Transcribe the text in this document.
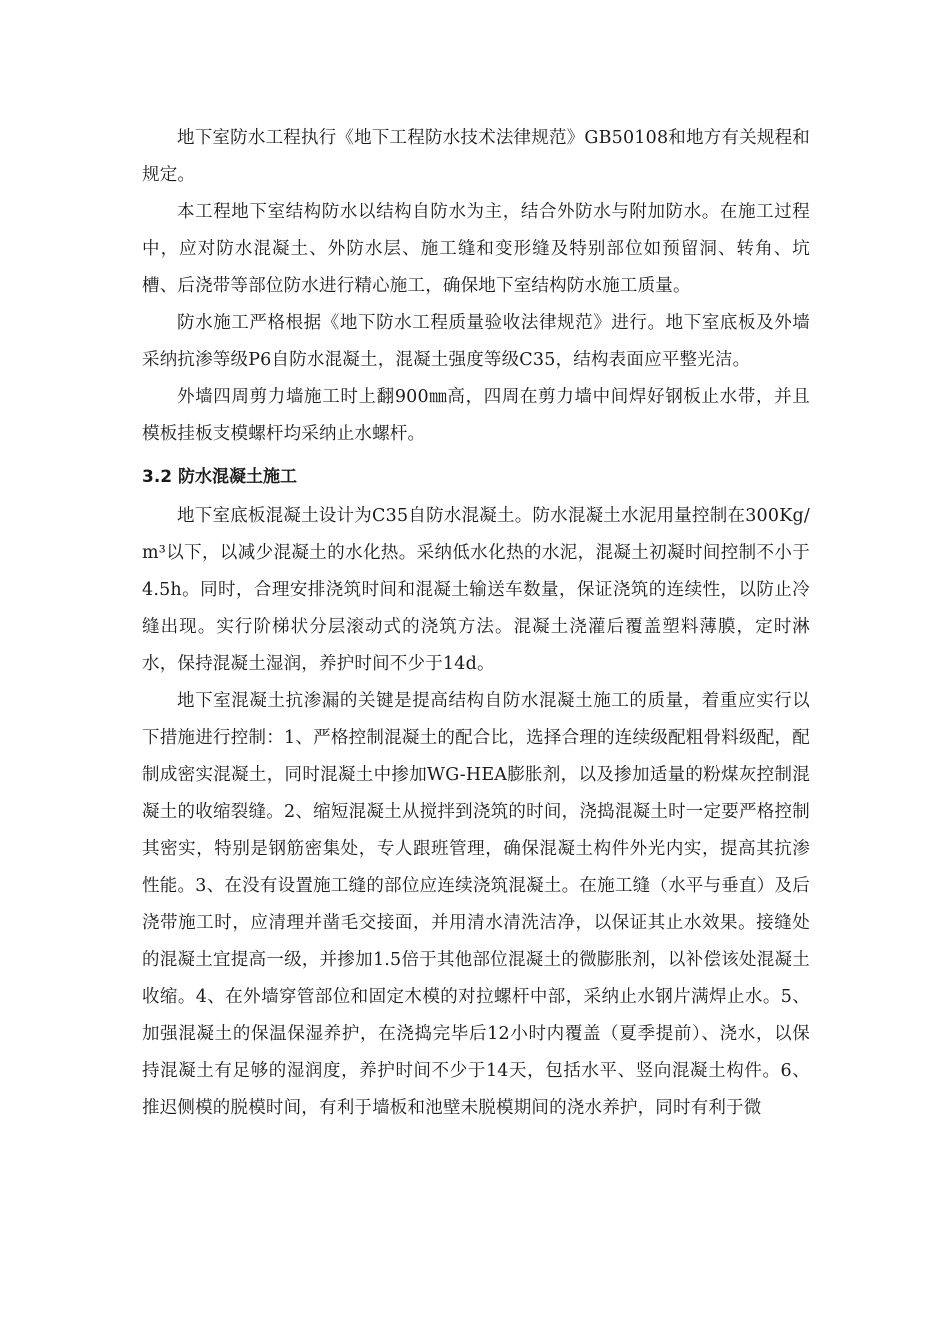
地下室防水工程执行《地下工程防水技术法律规范》GB50108和地方有关规程和规定。

本工程地下室结构防水以结构自防水为主，结合外防水与附加防水。在施工过程中，应对防水混凝土、外防水层、施工缝和变形缝及特别部位如预留洞、转角、坑槽、后浇带等部位防水进行精心施工，确保地下室结构防水施工质量。

防水施工严格根据《地下防水工程质量验收法律规范》进行。地下室底板及外墙采纳抗渗等级P6自防水混凝土，混凝土强度等级C35，结构表面应平整光洁。

外墙四周剪力墙施工时上翻900㎜高，四周在剪力墙中间焊好钢板止水带，并且模板挂板支模螺杆均采纳止水螺杆。

3.2 防水混凝土施工

地下室底板混凝土设计为C35自防水混凝土。防水混凝土水泥用量控制在300Kg/m³以下，以减少混凝土的水化热。采纳低水化热的水泥，混凝土初凝时间控制不小于4.5h。同时，合理安排浇筑时间和混凝土输送车数量，保证浇筑的连续性，以防止冷缝出现。实行阶梯状分层滚动式的浇筑方法。混凝土浇灌后覆盖塑料薄膜，定时淋水，保持混凝土湿润，养护时间不少于14d。

地下室混凝土抗渗漏的关键是提高结构自防水混凝土施工的质量，着重应实行以下措施进行控制：1、严格控制混凝土的配合比，选择合理的连续级配粗骨料级配，配制成密实混凝土，同时混凝土中掺加WG-HEA膨胀剂，以及掺加适量的粉煤灰控制混凝土的收缩裂缝。2、缩短混凝土从搅拌到浇筑的时间，浇捣混凝土时一定要严格控制其密实，特别是钢筋密集处，专人跟班管理，确保混凝土构件外光内实，提高其抗渗性能。3、在没有设置施工缝的部位应连续浇筑混凝土。在施工缝（水平与垂直）及后浇带施工时，应清理并凿毛交接面，并用清水清洗洁净，以保证其止水效果。接缝处的混凝土宜提高一级，并掺加1.5倍于其他部位混凝土的微膨胀剂，以补偿该处混凝土收缩。4、在外墙穿管部位和固定木模的对拉螺杆中部，采纳止水钢片满焊止水。5、加强混凝土的保温保湿养护，在浇捣完毕后12小时内覆盖（夏季提前）、浇水，以保持混凝土有足够的湿润度，养护时间不少于14天，包括水平、竖向混凝土构件。6、推迟侧模的脱模时间，有利于墙板和池壁未脱模期间的浇水养护，同时有利于微
